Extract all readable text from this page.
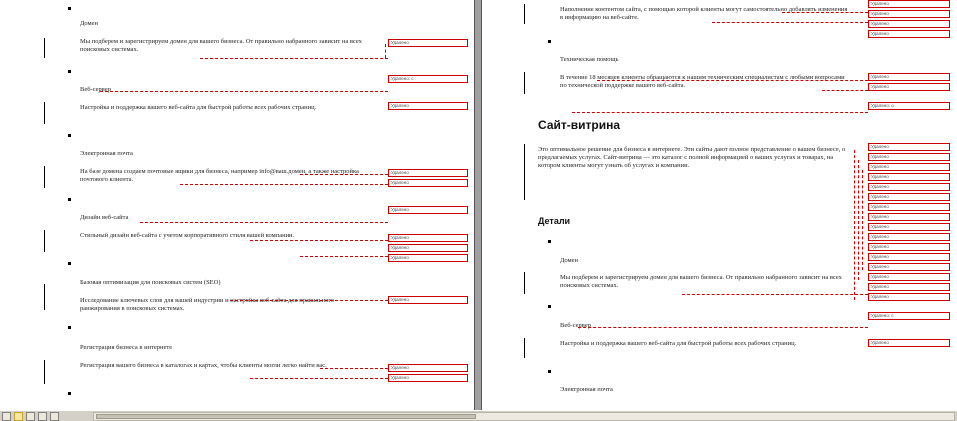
Домен
Мы подберем и зарегистрируем домен для вашего бизнеса. От правильно набранного зависит на всех поисковых системах.
Веб-сервер
Настройка и поддержка вашего веб-сайта для быстрой работы всех рабочих страниц.
Электронная почта
На базе домена создаем почтовые ящики для бизнеса, например info@ваш.домен, а также настройка почтового клиента.
Дизайн веб-сайта
Стильный дизайн веб-сайта с учетом корпоративного стиля вашей компании.
Базовая оптимизация для поисковых систем (SEO)
Исследование ключевых слов для вашей индустрии и настройка веб-сайта для правильного ранжирования в поисковых системах.
Регистрация бизнеса в интернете
Регистрация вашего бизнеса в каталогах и картах, чтобы клиенты могли легко найти вас.
Удалено
Удалено: с
Удалено
Удалено
Удалено
Удалено
Удалено
Удалено
Удалено
Удалено
Удалено
Удалено
Наполнение контентом сайта, с помощью которой клиенты могут самостоятельно добавлять изменения в информацию на веб-сайте.
Техническая помощь
В течение 18 месяцев клиенты обращаются к нашим техническим специалистам с любыми вопросами по технической поддержке вашего веб-сайта.
Сайт-витрина
Это оптимальное решение для бизнеса в интернете. Эти сайты дают полное представление о вашем бизнесе, о предлагаемых услугах. Сайт-витрина — это каталог с полной информацией о ваших услугах и товарах, на котором клиенты могут узнать об услугах и компании.
Детали
Домен
Мы подберем и зарегистрируем домен для вашего бизнеса. От правильно набранного зависит на всех поисковых системах.
Веб-сервер
Настройка и поддержка вашего веб-сайта для быстрой работы всех рабочих страниц.
Электронная почта
Удалено
Удалено
Удалено
Удалено
Удалено
Удалено
Удалено: о
Удалено
Удалено
Удалено
Удалено
Удалено
Удалено
Удалено
Удалено
Удалено
Удалено
Удалено
Удалено
Удалено
Удалено
Удалено
Удалено
Удалено: с
Удалено
